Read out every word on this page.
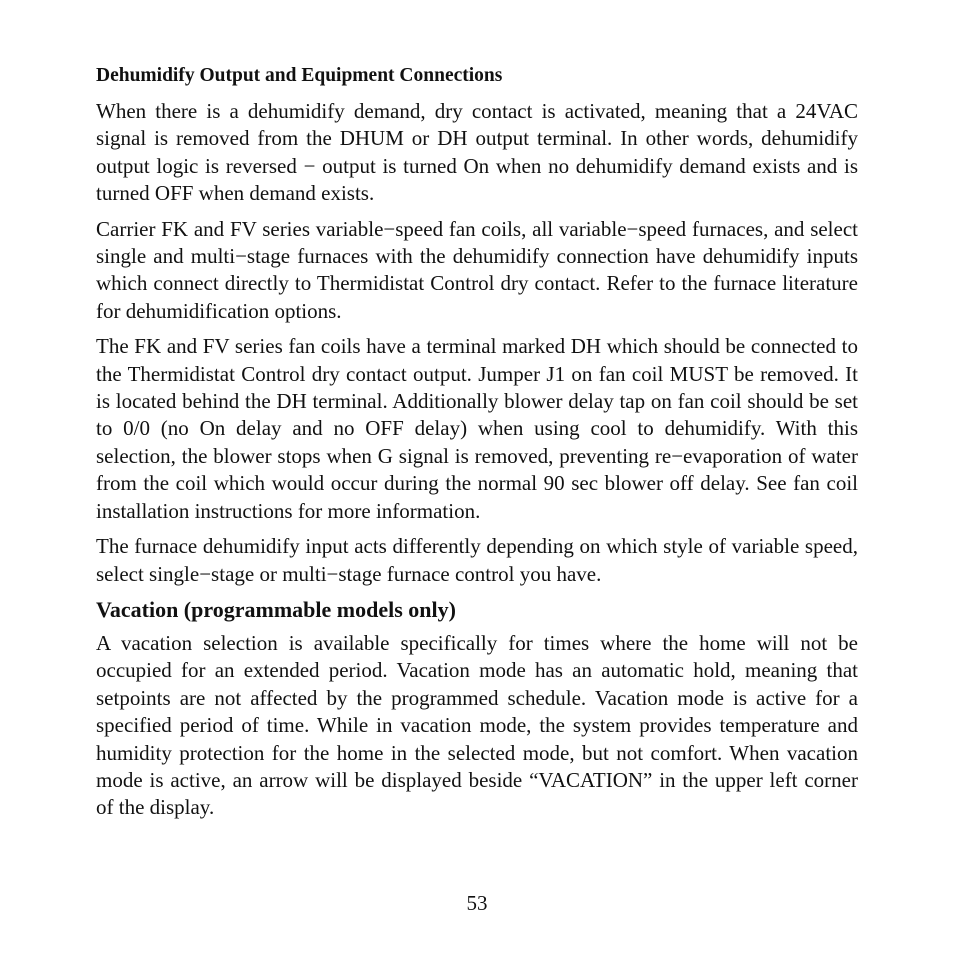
Dehumidify Output and Equipment Connections

When there is a dehumidify demand, dry contact is activated, meaning that a 24VAC signal is removed from the DHUM or DH output terminal. In other words, dehumidify output logic is reversed − output is turned On when no dehumidify demand exists and is turned OFF when demand exists.

Carrier FK and FV series variable−speed fan coils, all variable−speed furnaces, and select single and multi−stage furnaces with the dehumidify connection have dehumidify inputs which connect directly to Thermidistat Control dry contact. Refer to the furnace literature for dehumidification options.

The FK and FV series fan coils have a terminal marked DH which should be connected to the Thermidistat Control dry contact output. Jumper J1 on fan coil MUST be removed. It is located behind the DH terminal. Additionally blower delay tap on fan coil should be set to 0/0 (no On delay and no OFF delay) when using cool to dehumidify. With this selection, the blower stops when G signal is removed, preventing re−evaporation of water from the coil which would occur during the normal 90 sec blower off delay. See fan coil installation instructions for more information.

The furnace dehumidify input acts differently depending on which style of variable speed, select single−stage or multi−stage furnace control you have.

Vacation (programmable models only)

A vacation selection is available specifically for times where the home will not be occupied for an extended period. Vacation mode has an automatic hold, meaning that setpoints are not affected by the programmed schedule. Vacation mode is active for a specified period of time. While in vacation mode, the system provides temperature and humidity protection for the home in the selected mode, but not comfort. When vacation mode is active, an arrow will be displayed beside “VACATION” in the upper left corner of the display.

53
